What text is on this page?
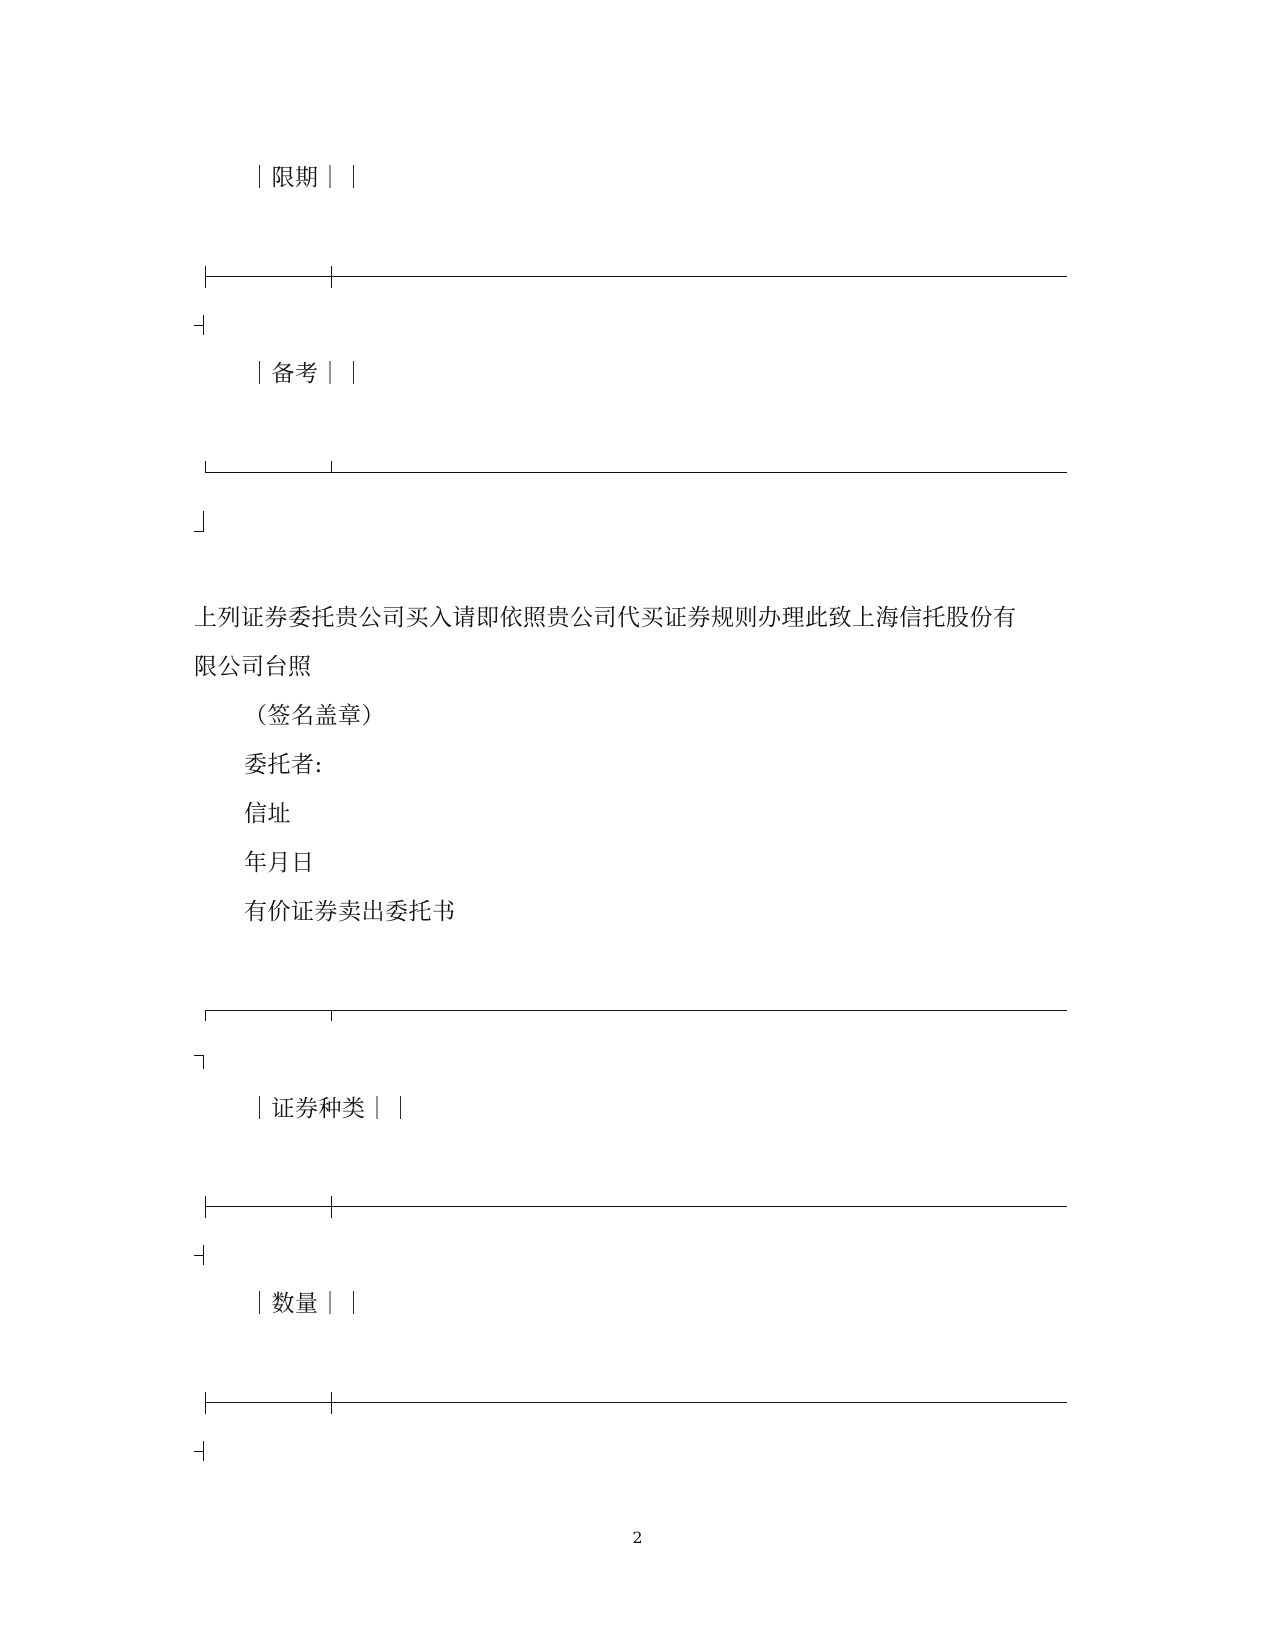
｜限期｜｜
｜备考｜｜
上列证券委托贵公司买入请即依照贵公司代买证券规则办理此致上海信托股份有
限公司台照
（签名盖章）
委托者:
信址
年月日
有价证券卖出委托书
｜证券种类｜｜
｜数量｜｜
2
